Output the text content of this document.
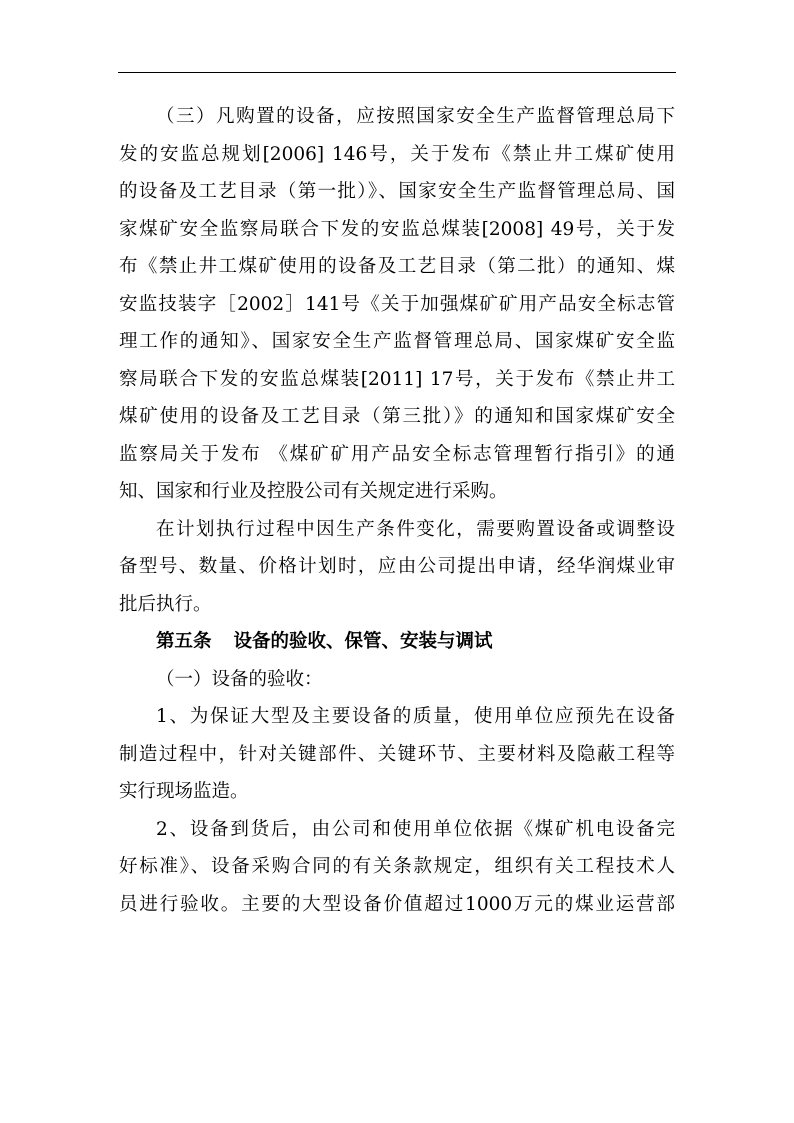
（三）凡购置的设备，应按照国家安全生产监督管理总局下
发的安监总规划[2006] 146号，关于发布《禁止井工煤矿使用
的设备及工艺目录（第一批）》、国家安全生产监督管理总局、国
家煤矿安全监察局联合下发的安监总煤装[2008] 49号，关于发
布《禁止井工煤矿使用的设备及工艺目录（第二批）的通知、煤
安监技装字［2002］141号《关于加强煤矿矿用产品安全标志管
理工作的通知》、国家安全生产监督管理总局、国家煤矿安全监
察局联合下发的安监总煤装[2011] 17号，关于发布《禁止井工
煤矿使用的设备及工艺目录（第三批）》的通知和国家煤矿安全
监察局关于发布 《煤矿矿用产品安全标志管理暂行指引》的通
知、国家和行业及控股公司有关规定进行采购。
在计划执行过程中因生产条件变化，需要购置设备或调整设
备型号、数量、价格计划时，应由公司提出申请，经华润煤业审
批后执行。
第五条 设备的验收、保管、安装与调试
（一）设备的验收：
1、为保证大型及主要设备的质量，使用单位应预先在设备
制造过程中，针对关键部件、关键环节、主要材料及隐蔽工程等
实行现场监造。
2、设备到货后，由公司和使用单位依据《煤矿机电设备完
好标准》、设备采购合同的有关条款规定，组织有关工程技术人
员进行验收。主要的大型设备价值超过1000万元的煤业运营部
